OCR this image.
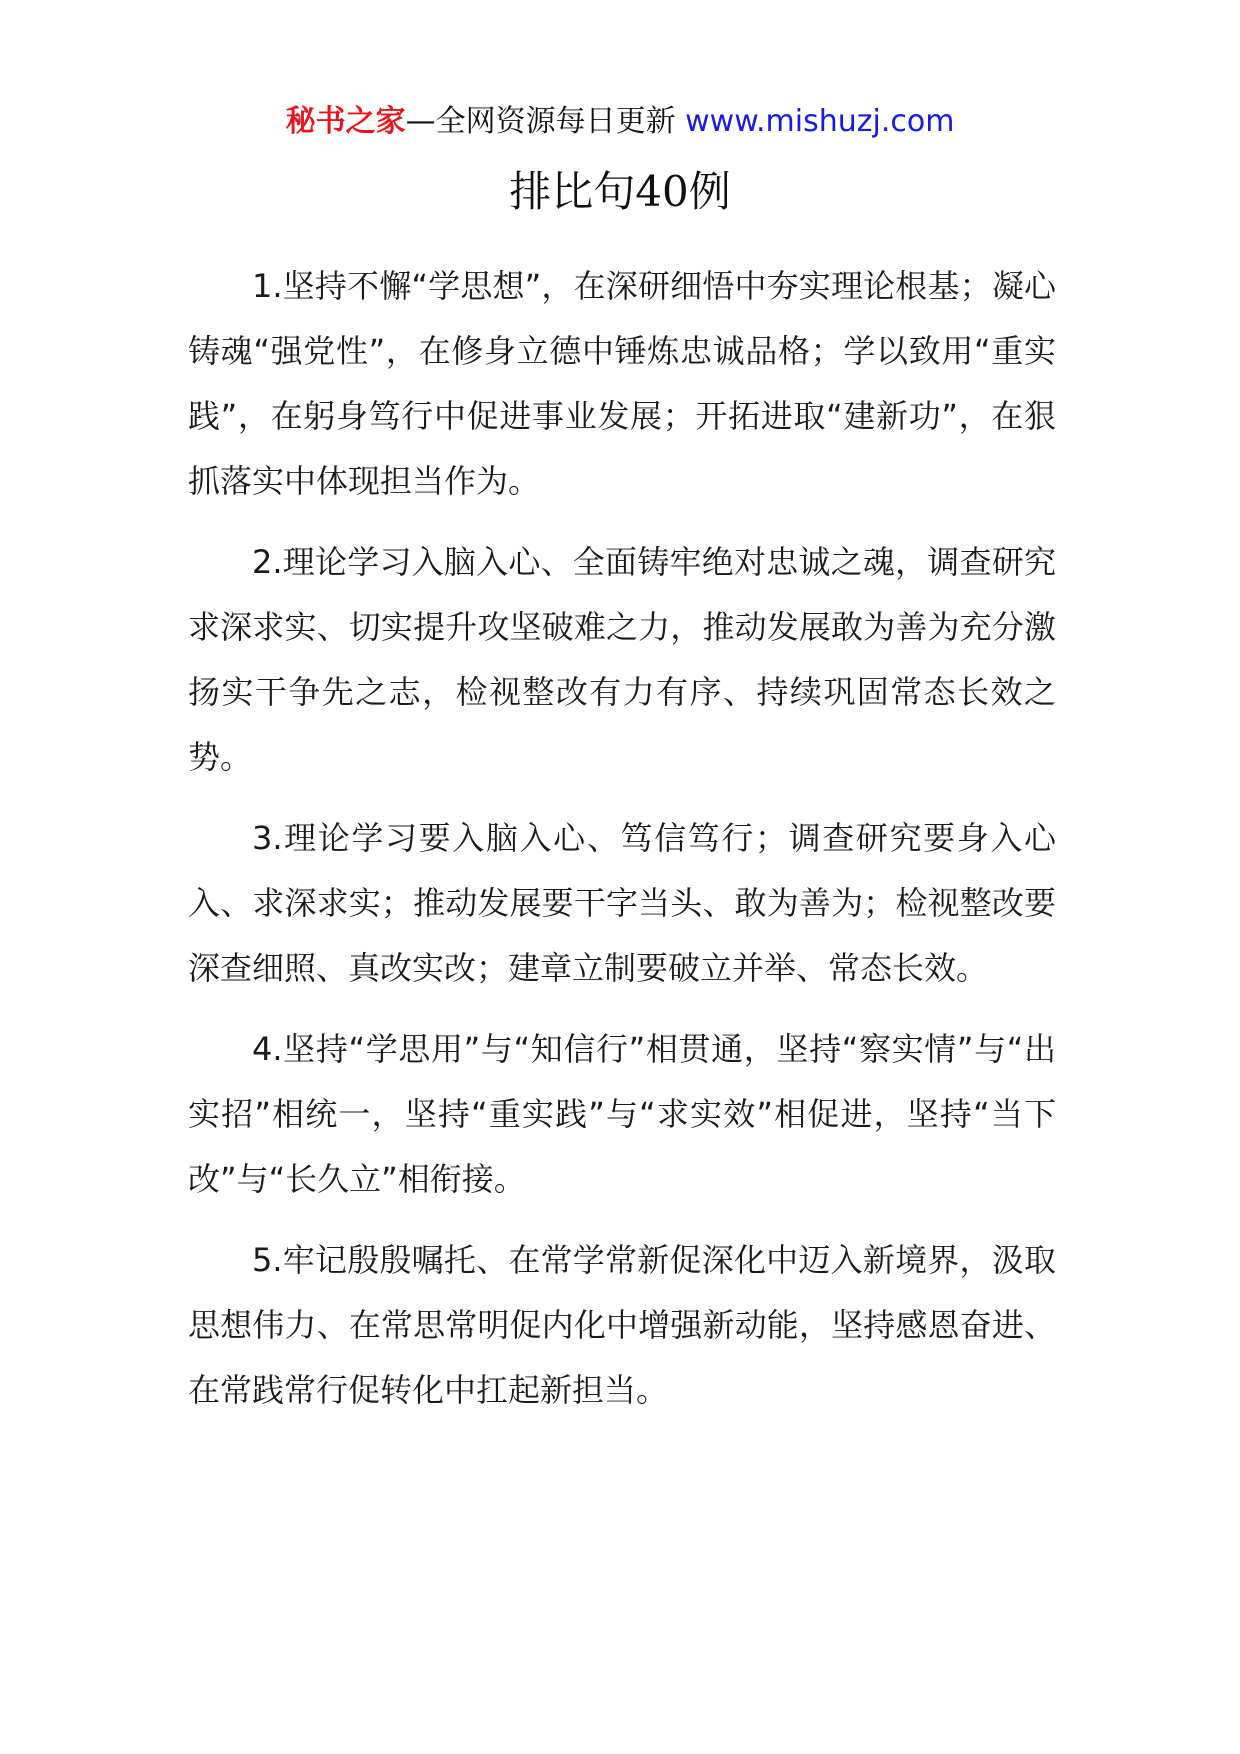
秘书之家—全网资源每日更新 www.mishuzj.com
排比句40例

1.坚持不懈“学思想”，在深研细悟中夯实理论根基；凝心铸魂“强党性”，在修身立德中锤炼忠诚品格；学以致用“重实践”，在躬身笃行中促进事业发展；开拓进取“建新功”，在狠抓落实中体现担当作为。

2.理论学习入脑入心、全面铸牢绝对忠诚之魂，调查研究求深求实、切实提升攻坚破难之力，推动发展敢为善为充分激扬实干争先之志，检视整改有力有序、持续巩固常态长效之势。

3.理论学习要入脑入心、笃信笃行；调查研究要身入心入、求深求实；推动发展要干字当头、敢为善为；检视整改要深查细照、真改实改；建章立制要破立并举、常态长效。

4.坚持“学思用”与“知信行”相贯通，坚持“察实情”与“出实招”相统一，坚持“重实践”与“求实效”相促进，坚持“当下改”与“长久立”相衔接。

5.牢记殷殷嘱托、在常学常新促深化中迈入新境界，汲取思想伟力、在常思常明促内化中增强新动能，坚持感恩奋进、在常践常行促转化中扛起新担当。
